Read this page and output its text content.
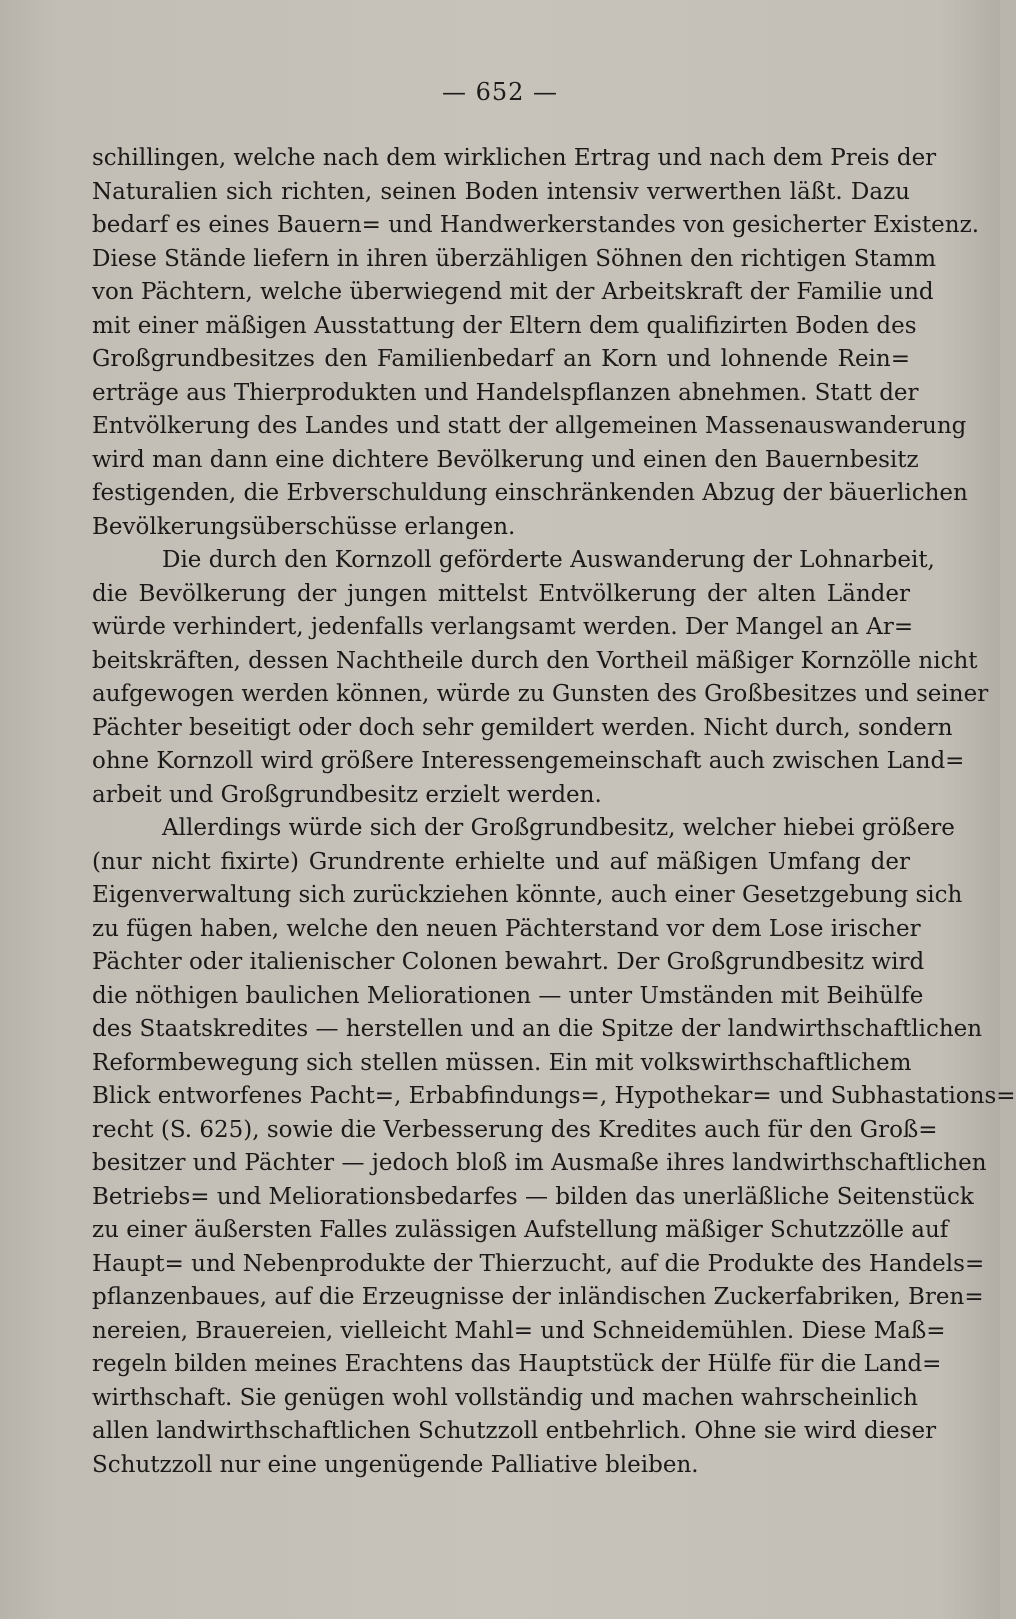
— 652 —
schillingen, welche nach dem wirklichen Ertrag und nach dem Preis der
Naturalien sich richten, seinen Boden intensiv verwerthen läßt. Dazu
bedarf es eines Bauern= und Handwerkerstandes von gesicherter Existenz.
Diese Stände liefern in ihren überzähligen Söhnen den richtigen Stamm
von Pächtern, welche überwiegend mit der Arbeitskraft der Familie und
mit einer mäßigen Ausstattung der Eltern dem qualifizirten Boden des
Großgrundbesitzes den Familienbedarf an Korn und lohnende Rein=
erträge aus Thierprodukten und Handelspflanzen abnehmen. Statt der
Entvölkerung des Landes und statt der allgemeinen Massenauswanderung
wird man dann eine dichtere Bevölkerung und einen den Bauernbesitz
festigenden, die Erbverschuldung einschränkenden Abzug der bäuerlichen
Bevölkerungsüberschüsse erlangen.
Die durch den Kornzoll geförderte Auswanderung der Lohnarbeit,
die Bevölkerung der jungen mittelst Entvölkerung der alten Länder
würde verhindert, jedenfalls verlangsamt werden. Der Mangel an Ar=
beitskräften, dessen Nachtheile durch den Vortheil mäßiger Kornzölle nicht
aufgewogen werden können, würde zu Gunsten des Großbesitzes und seiner
Pächter beseitigt oder doch sehr gemildert werden. Nicht durch, sondern
ohne Kornzoll wird größere Interessengemeinschaft auch zwischen Land=
arbeit und Großgrundbesitz erzielt werden.
Allerdings würde sich der Großgrundbesitz, welcher hiebei größere
(nur nicht fixirte) Grundrente erhielte und auf mäßigen Umfang der
Eigenverwaltung sich zurückziehen könnte, auch einer Gesetzgebung sich
zu fügen haben, welche den neuen Pächterstand vor dem Lose irischer
Pächter oder italienischer Colonen bewahrt. Der Großgrundbesitz wird
die nöthigen baulichen Meliorationen — unter Umständen mit Beihülfe
des Staatskredites — herstellen und an die Spitze der landwirthschaftlichen
Reformbewegung sich stellen müssen. Ein mit volkswirthschaftlichem
Blick entworfenes Pacht=, Erbabfindungs=, Hypothekar= und Subhastations=
recht (S. 625), sowie die Verbesserung des Kredites auch für den Groß=
besitzer und Pächter — jedoch bloß im Ausmaße ihres landwirthschaftlichen
Betriebs= und Meliorationsbedarfes — bilden das unerläßliche Seitenstück
zu einer äußersten Falles zulässigen Aufstellung mäßiger Schutzzölle auf
Haupt= und Nebenprodukte der Thierzucht, auf die Produkte des Handels=
pflanzenbaues, auf die Erzeugnisse der inländischen Zuckerfabriken, Bren=
nereien, Brauereien, vielleicht Mahl= und Schneidemühlen. Diese Maß=
regeln bilden meines Erachtens das Hauptstück der Hülfe für die Land=
wirthschaft. Sie genügen wohl vollständig und machen wahrscheinlich
allen landwirthschaftlichen Schutzzoll entbehrlich. Ohne sie wird dieser
Schutzzoll nur eine ungenügende Palliative bleiben.
